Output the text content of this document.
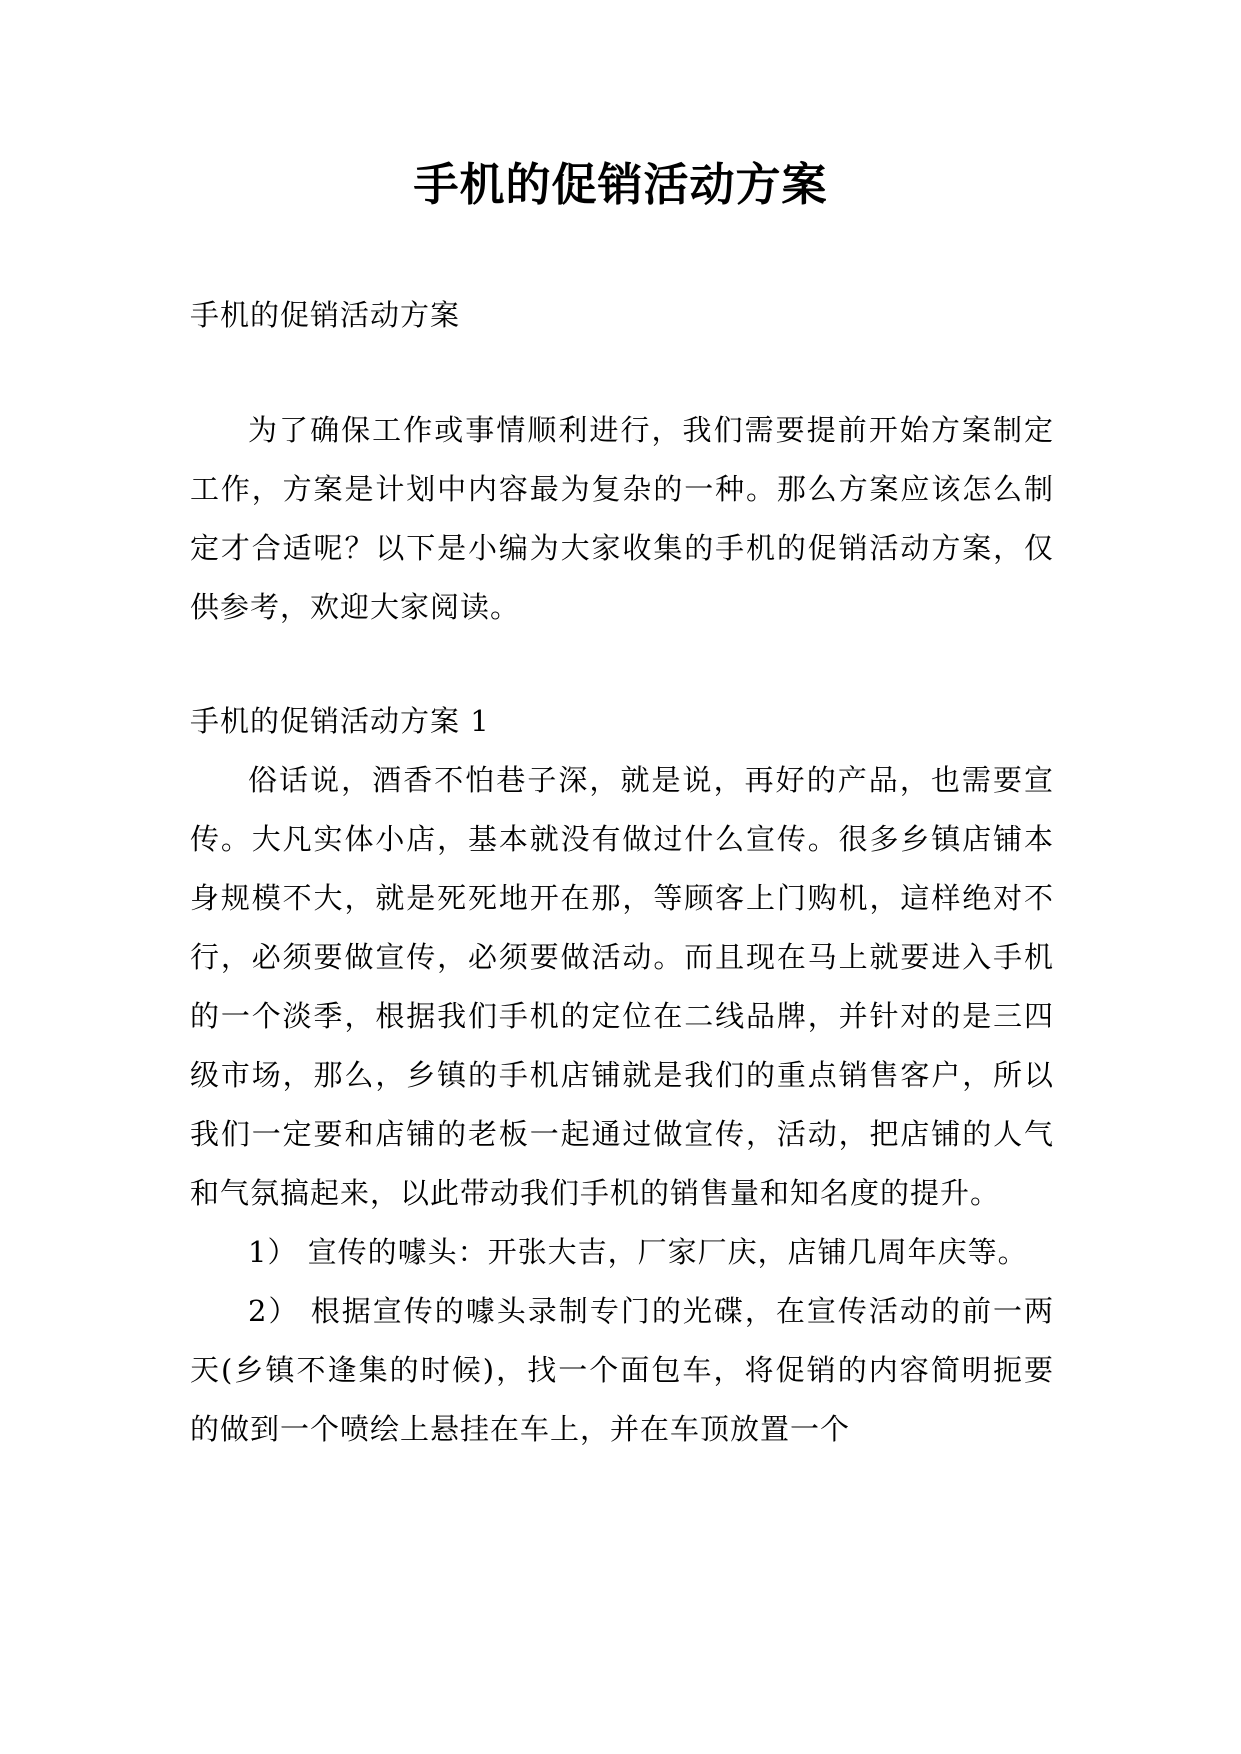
手机的促销活动方案

手机的促销活动方案

为了确保工作或事情顺利进行，我们需要提前开始方案制定工作，方案是计划中内容最为复杂的一种。那么方案应该怎么制定才合适呢？以下是小编为大家收集的手机的促销活动方案，仅供参考，欢迎大家阅读。

手机的促销活动方案 1

俗话说，酒香不怕巷子深，就是说，再好的产品，也需要宣传。大凡实体小店，基本就没有做过什么宣传。很多乡镇店铺本身规模不大，就是死死地开在那，等顾客上门购机，這样绝对不行，必须要做宣传，必须要做活动。而且现在马上就要进入手机的一个淡季，根据我们手机的定位在二线品牌，并针对的是三四级市场，那么，乡镇的手机店铺就是我们的重点销售客户，所以我们一定要和店铺的老板一起通过做宣传，活动，把店铺的人气和气氛搞起来，以此带动我们手机的销售量和知名度的提升。

1） 宣传的噱头：开张大吉，厂家厂庆，店铺几周年庆等。

2） 根据宣传的噱头录制专门的光碟，在宣传活动的前一两天(乡镇不逢集的时候)，找一个面包车，将促销的内容简明扼要的做到一个喷绘上悬挂在车上，并在车顶放置一个
